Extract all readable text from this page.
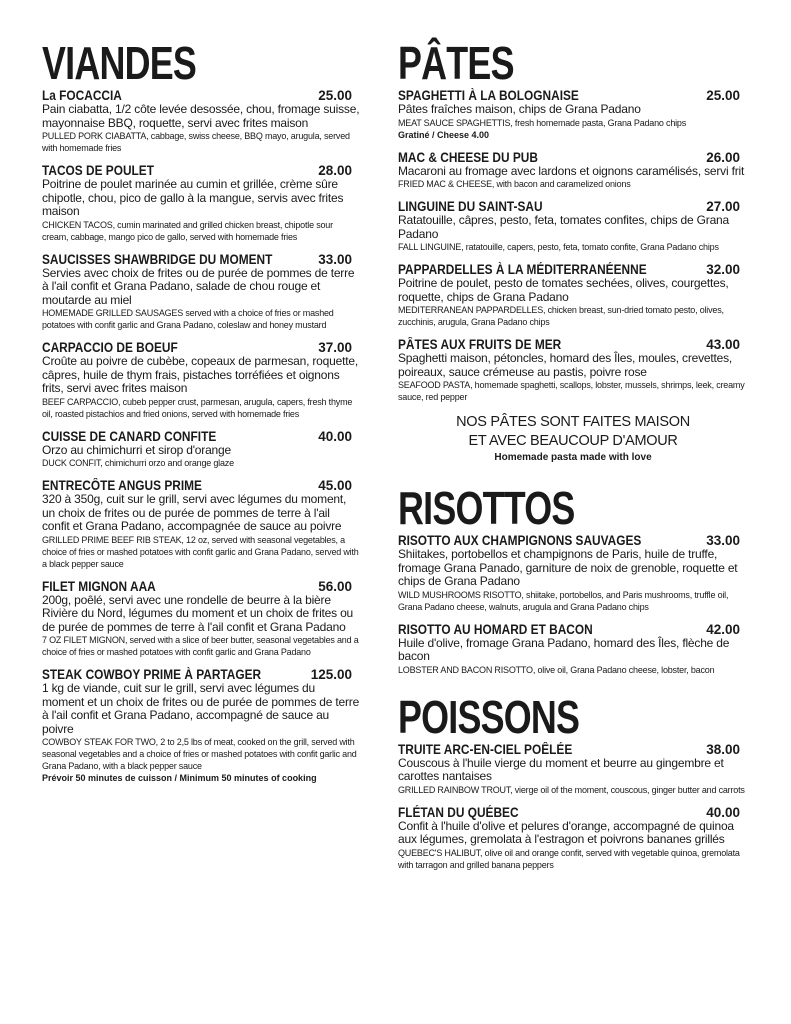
VIANDES
La FOCACCIA	25.00
Pain ciabatta, 1/2 côte levée desossée, chou, fromage suisse, mayonnaise BBQ, roquette, servi avec frites maison
PULLED PORK CIABATTA, cabbage, swiss cheese, BBQ mayo, arugula, served with homemade fries
TACOS DE POULET	28.00
Poitrine de poulet marinée au cumin et grillée, crème sûre chipotle, chou, pico de gallo à la mangue, servis avec frites maison
CHICKEN TACOS, cumin marinated and grilled chicken breast, chipotle sour cream, cabbage, mango pico de gallo, served with homemade fries
SAUCISSES SHAWBRIDGE DU MOMENT	33.00
Servies avec choix de frites ou de purée de pommes de terre à l'ail confit et Grana Padano, salade de chou rouge et moutarde au miel
HOMEMADE GRILLED SAUSAGES served with a choice of fries or mashed potatoes with confit garlic and Grana Padano, coleslaw and honey mustard
CARPACCIO DE BOEUF	37.00
Croûte au poivre de cubèbe, copeaux de parmesan, roquette, câpres, huile de thym frais, pistaches torréfiées et oignons frits, servi avec frites maison
BEEF CARPACCIO, cubeb pepper crust, parmesan, arugula, capers, fresh thyme oil, roasted pistachios and fried onions, served with homemade fries
CUISSE DE CANARD CONFITE	40.00
Orzo au chimichurri et sirop d'orange
DUCK CONFIT, chimichurri orzo and orange glaze
ENTRECÔTE ANGUS PRIME	45.00
320 à 350g, cuit sur le grill, servi avec légumes du moment, un choix de frites ou de purée de pommes de terre à l'ail confit et Grana Padano, accompagnée de sauce au poivre
GRILLED PRIME BEEF RIB STEAK, 12 oz, served with seasonal vegetables, a choice of fries or mashed potatoes with confit garlic and Grana Padano, served with a black pepper sauce
FILET MIGNON AAA	56.00
200g, poêlé, servi avec une rondelle de beurre à la bière Rivière du Nord, légumes du moment et un choix de frites ou de purée de pommes de terre à l'ail confit et Grana Padano
7 OZ FILET MIGNON, served with a slice of beer butter, seasonal vegetables and a choice of fries or mashed potatoes with confit garlic and Grana Padano
STEAK COWBOY PRIME À PARTAGER	125.00
1 kg de viande, cuit sur le grill, servi avec légumes du moment et un choix de frites ou de purée de pommes de terre à l'ail confit et Grana Padano, accompagné de sauce au poivre
COWBOY STEAK FOR TWO, 2 to 2,5 lbs of meat, cooked on the grill, served with seasonal vegetables and a choice of fries or mashed potatoes with confit garlic and Grana Padano, with a black pepper sauce
Prévoir 50 minutes de cuisson / Minimum 50 minutes of cooking
PÂTES
SPAGHETTI À LA BOLOGNAISE	25.00
Pâtes fraîches maison, chips de Grana Padano
MEAT SAUCE SPAGHETTIS, fresh homemade pasta, Grana Padano chips
Gratiné / Cheese 4.00
MAC & CHEESE DU PUB	26.00
Macaroni au fromage avec lardons et oignons caramélisés, servi frit
FRIED MAC & CHEESE, with bacon and caramelized onions
LINGUINE DU SAINT-SAU	27.00
Ratatouille, câpres, pesto, feta, tomates confites, chips de Grana Padano
FALL LINGUINE, ratatouille, capers, pesto, feta, tomato confite, Grana Padano chips
PAPPARDELLES À LA MÉDITERRANÉENNE	32.00
Poitrine de poulet, pesto de tomates sechées, olives, courgettes, roquette, chips de Grana Padano
MEDITERRANEAN PAPPARDELLES, chicken breast, sun-dried tomato pesto, olives, zucchinis, arugula, Grana Padano chips
PÂTES AUX FRUITS DE MER	43.00
Spaghetti maison, pétoncles, homard des Îles, moules, crevettes, poireaux, sauce crémeuse au pastis, poivre rose
SEAFOOD PASTA, homemade spaghetti, scallops, lobster, mussels, shrimps, leek, creamy sauce, red pepper
NOS PÂTES SONT FAITES MAISON
ET AVEC BEAUCOUP D'AMOUR
Homemade pasta made with love
RISOTTOS
RISOTTO AUX CHAMPIGNONS SAUVAGES	33.00
Shiitakes, portobellos et champignons de Paris, huile de truffe, fromage Grana Panado, garniture de noix de grenoble, roquette et chips de Grana Padano
WILD MUSHROOMS RISOTTO, shiitake, portobellos, and Paris mushrooms, truffle oil, Grana Padano cheese, walnuts, arugula and Grana Padano chips
RISOTTO AU HOMARD ET BACON	42.00
Huile d'olive, fromage Grana Padano, homard des Îles, flèche de bacon
LOBSTER AND BACON RISOTTO, olive oil, Grana Padano cheese, lobster, bacon
POISSONS
TRUITE ARC-EN-CIEL POÊLÉE	38.00
Couscous à l'huile vierge du moment et beurre au gingembre et carottes nantaises
GRILLED RAINBOW TROUT, vierge oil of the moment, couscous, ginger butter and carrots
FLÉTAN DU QUÉBEC	40.00
Confit à l'huile d'olive et pelures d'orange, accompagné de quinoa aux légumes, gremolata à l'estragon et poivrons bananes grillés
QUEBEC'S HALIBUT, olive oil and orange confit, served with vegetable quinoa, gremolata with tarragon and grilled banana peppers
